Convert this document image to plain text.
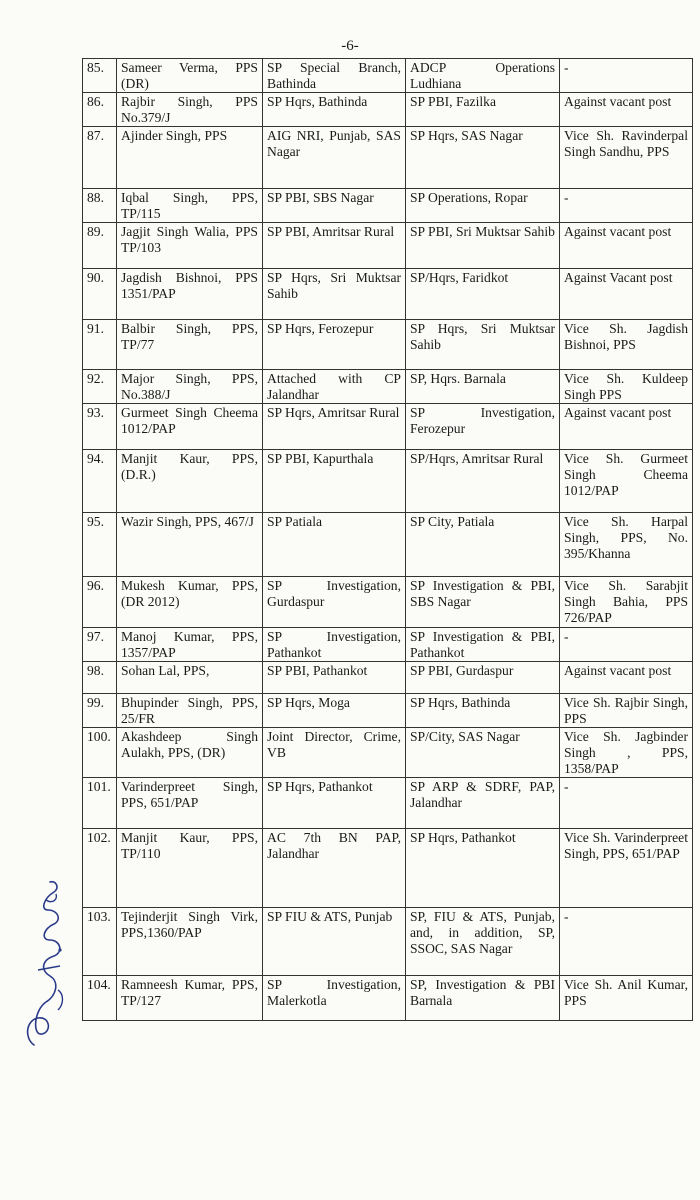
-6-
85.	Sameer Verma, PPS (DR)	SP Special Branch, Bathinda	ADCP Operations Ludhiana	-
86.	Rajbir Singh, PPS No.379/J	SP Hqrs, Bathinda	SP PBI, Fazilka	Against vacant post
87.	Ajinder Singh, PPS	AIG NRI, Punjab, SAS Nagar	SP Hqrs, SAS Nagar	Vice Sh. Ravinderpal Singh Sandhu, PPS
88.	Iqbal Singh, PPS, TP/115	SP PBI, SBS Nagar	SP Operations, Ropar	-
89.	Jagjit Singh Walia, PPS TP/103	SP PBI, Amritsar Rural	SP PBI, Sri Muktsar Sahib	Against vacant post
90.	Jagdish Bishnoi, PPS 1351/PAP	SP Hqrs, Sri Muktsar Sahib	SP/Hqrs, Faridkot	Against Vacant post
91.	Balbir Singh, PPS, TP/77	SP Hqrs, Ferozepur	SP Hqrs, Sri Muktsar Sahib	Vice Sh. Jagdish Bishnoi, PPS
92.	Major Singh, PPS, No.388/J	Attached with CP Jalandhar	SP, Hqrs. Barnala	Vice Sh. Kuldeep Singh PPS
93.	Gurmeet Singh Cheema 1012/PAP	SP Hqrs, Amritsar Rural	SP Investigation, Ferozepur	Against vacant post
94.	Manjit Kaur, PPS, (D.R.)	SP PBI, Kapurthala	SP/Hqrs, Amritsar Rural	Vice Sh. Gurmeet Singh Cheema 1012/PAP
95.	Wazir Singh, PPS, 467/J	SP Patiala	SP City, Patiala	Vice Sh. Harpal Singh, PPS, No. 395/Khanna
96.	Mukesh Kumar, PPS, (DR 2012)	SP Investigation, Gurdaspur	SP Investigation & PBI, SBS Nagar	Vice Sh. Sarabjit Singh Bahia, PPS 726/PAP
97.	Manoj Kumar, PPS, 1357/PAP	SP Investigation, Pathankot	SP Investigation & PBI, Pathankot	-
98.	Sohan Lal, PPS,	SP PBI, Pathankot	SP PBI, Gurdaspur	Against vacant post
99.	Bhupinder Singh, PPS, 25/FR	SP Hqrs, Moga	SP Hqrs, Bathinda	Vice Sh. Rajbir Singh, PPS
100.	Akashdeep Singh Aulakh, PPS, (DR)	Joint Director, Crime, VB	SP/City, SAS Nagar	Vice Sh. Jagbinder Singh , PPS, 1358/PAP
101.	Varinderpreet Singh, PPS, 651/PAP	SP Hqrs, Pathankot	SP ARP & SDRF, PAP, Jalandhar	-
102.	Manjit Kaur, PPS, TP/110	AC 7th BN PAP, Jalandhar	SP Hqrs, Pathankot	Vice Sh. Varinderpreet Singh, PPS, 651/PAP
103.	Tejinderjit Singh Virk, PPS,1360/PAP	SP FIU & ATS, Punjab	SP, FIU & ATS, Punjab, and, in addition, SP, SSOC, SAS Nagar	-
104.	Ramneesh Kumar, PPS, TP/127	SP Investigation, Malerkotla	SP, Investigation & PBI Barnala	Vice Sh. Anil Kumar, PPS
